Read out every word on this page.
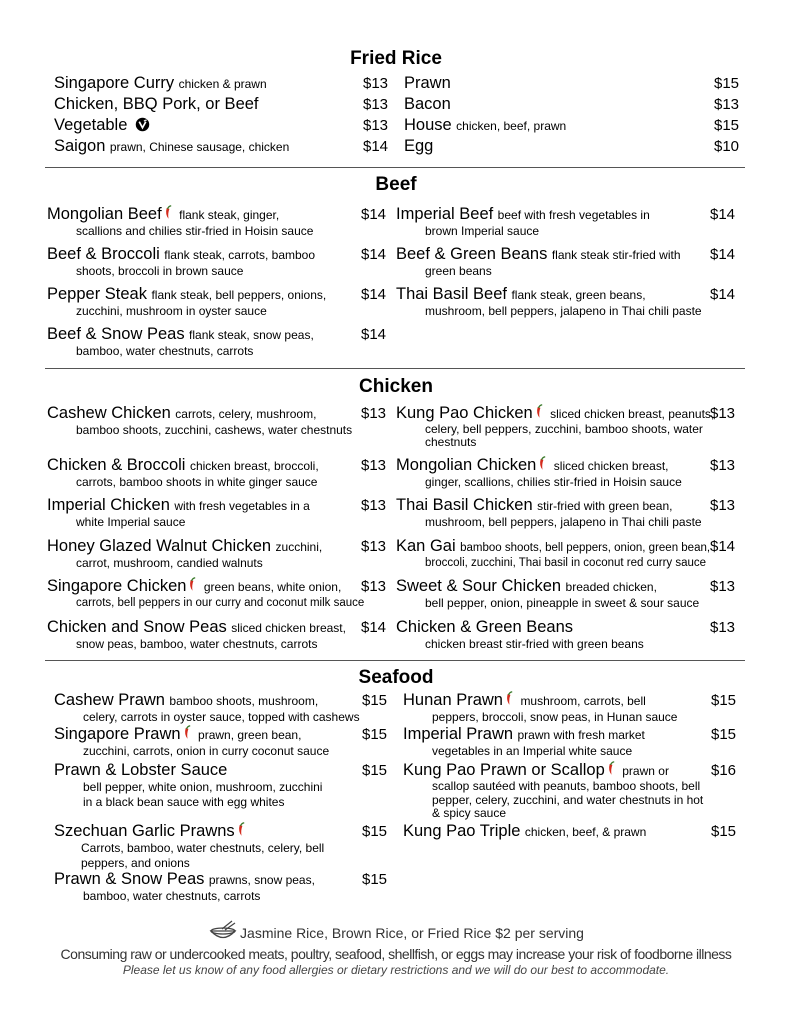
Fried Rice
Singapore Curry chicken & prawn	$13
Chicken, BBQ Pork, or Beef	$13
Vegetable	$13
Saigon prawn, Chinese sausage, chicken	$14
Prawn	$15
Bacon	$13
House chicken, beef, prawn	$15
Egg	$10
Beef
Mongolian Beef flank steak, ginger,
scallions and chilies stir-fried in Hoisin sauce
$14
Beef & Broccoli flank steak, carrots, bamboo
shoots, broccoli in brown sauce
$14
Pepper Steak flank steak, bell peppers, onions,
zucchini, mushroom in oyster sauce
$14
Beef & Snow Peas flank steak, snow peas,
bamboo, water chestnuts, carrots
$14
Imperial Beef beef with fresh vegetables in
brown Imperial sauce
$14
Beef & Green Beans flank steak stir-fried with
green beans
$14
Thai Basil Beef flank steak, green beans,
mushroom, bell peppers, jalapeno in Thai chili paste
$14
Chicken
Cashew Chicken carrots, celery, mushroom,
bamboo shoots, zucchini, cashews, water chestnuts
$13
Chicken & Broccoli chicken breast, broccoli,
carrots, bamboo shoots in white ginger sauce
$13
Imperial Chicken with fresh vegetables in a
white Imperial sauce
$13
Honey Glazed Walnut Chicken zucchini,
carrot, mushroom, candied walnuts
$13
Singapore Chicken green beans, white onion,
carrots, bell peppers in our curry and coconut milk sauce
$13
Chicken and Snow Peas sliced chicken breast,
snow peas, bamboo, water chestnuts, carrots
$14
Kung Pao Chicken sliced chicken breast, peanuts,
celery, bell peppers, zucchini, bamboo shoots, water
chestnuts
$13
Mongolian Chicken sliced chicken breast,
ginger, scallions, chilies stir-fried in Hoisin sauce
$13
Thai Basil Chicken stir-fried with green bean,
mushroom, bell peppers, jalapeno in Thai chili paste
$13
Kan Gai bamboo shoots, bell peppers, onion, green bean,
broccoli, zucchini, Thai basil in coconut red curry sauce
$14
Sweet & Sour Chicken breaded chicken,
bell pepper, onion, pineapple in sweet & sour sauce
$13
Chicken & Green Beans
chicken breast stir-fried with green beans
$13
Seafood
Cashew Prawn bamboo shoots, mushroom,
celery, carrots in oyster sauce, topped with cashews
$15
Singapore Prawn prawn, green bean,
zucchini, carrots, onion in curry coconut sauce
$15
Prawn & Lobster Sauce
bell pepper, white onion, mushroom, zucchini
in a black bean sauce with egg whites
$15
Szechuan Garlic Prawns
Carrots, bamboo, water chestnuts, celery, bell
peppers, and onions
$15
Prawn & Snow Peas prawns, snow peas,
bamboo, water chestnuts, carrots
$15
Hunan Prawn mushroom, carrots, bell
peppers, broccoli, snow peas, in Hunan sauce
$15
Imperial Prawn prawn with fresh market
vegetables in an Imperial white sauce
$15
Kung Pao Prawn or Scallop prawn or
scallop sautéed with peanuts, bamboo shoots, bell
pepper, celery, zucchini, and water chestnuts in hot
& spicy sauce
$16
Kung Pao Triple chicken, beef, & prawn	$15
Jasmine Rice, Brown Rice, or Fried Rice $2 per serving
Consuming raw or undercooked meats, poultry, seafood, shellfish, or eggs may increase your risk of foodborne illness
Please let us know of any food allergies or dietary restrictions and we will do our best to accommodate.
